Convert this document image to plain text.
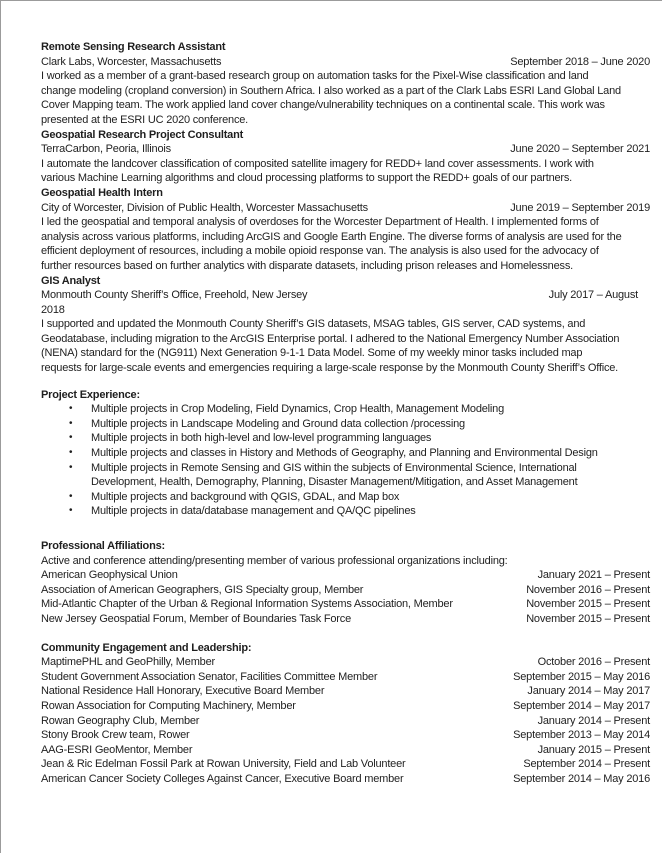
Remote Sensing Research Assistant
Clark Labs, Worcester, Massachusetts	September 2018 – June 2020
I worked as a member of a grant-based research group on automation tasks for the Pixel-Wise classification and land change modeling (cropland conversion) in Southern Africa. I also worked as a part of the Clark Labs ESRI Land Global Land Cover Mapping team. The work applied land cover change/vulnerability techniques on a continental scale. This work was presented at the ESRI UC 2020 conference.
Geospatial Research Project Consultant
TerraCarbon, Peoria, Illinois	June 2020 – September 2021
I automate the landcover classification of composited satellite imagery for REDD+ land cover assessments. I work with various Machine Learning algorithms and cloud processing platforms to support the REDD+ goals of our partners.
Geospatial Health Intern
City of Worcester, Division of Public Health, Worcester Massachusetts	June 2019 – September 2019
I led the geospatial and temporal analysis of overdoses for the Worcester Department of Health. I implemented forms of analysis across various platforms, including ArcGIS and Google Earth Engine. The diverse forms of analysis are used for the efficient deployment of resources, including a mobile opioid response van. The analysis is also used for the advocacy of further resources based on further analytics with disparate datasets, including prison releases and Homelessness.
GIS Analyst
Monmouth County Sheriff’s Office, Freehold, New Jersey	July 2017 – August
2018
I supported and updated the Monmouth County Sheriff’s GIS datasets, MSAG tables, GIS server, CAD systems, and Geodatabase, including migration to the ArcGIS Enterprise portal. I adhered to the National Emergency Number Association (NENA) standard for the (NG911) Next Generation 9-1-1 Data Model. Some of my weekly minor tasks included map requests for large-scale events and emergencies requiring a large-scale response by the Monmouth County Sheriff’s Office.
Project Experience:
•	Multiple projects in Crop Modeling, Field Dynamics, Crop Health, Management Modeling
•	Multiple projects in Landscape Modeling and Ground data collection /processing
•	Multiple projects in both high-level and low-level programming languages
•	Multiple projects and classes in History and Methods of Geography, and Planning and Environmental Design
•	Multiple projects in Remote Sensing and GIS within the subjects of Environmental Science, International Development, Health, Demography, Planning, Disaster Management/Mitigation, and Asset Management
•	Multiple projects and background with QGIS, GDAL, and Map box
•	Multiple projects in data/database management and QA/QC pipelines
Professional Affiliations:
Active and conference attending/presenting member of various professional organizations including:
American Geophysical Union	January 2021 – Present
Association of American Geographers, GIS Specialty group, Member	November 2016 – Present
Mid-Atlantic Chapter of the Urban & Regional Information Systems Association, Member	November 2015 – Present
New Jersey Geospatial Forum, Member of Boundaries Task Force	November 2015 – Present
Community Engagement and Leadership:
MaptimePHL and GeoPhilly, Member	October 2016 – Present
Student Government Association Senator, Facilities Committee Member	September 2015 – May 2016
National Residence Hall Honorary, Executive Board Member	January 2014 – May 2017
Rowan Association for Computing Machinery, Member	September 2014 – May 2017
Rowan Geography Club, Member	January 2014 – Present
Stony Brook Crew team, Rower	September 2013 – May 2014
AAG-ESRI GeoMentor, Member	January 2015 – Present
Jean & Ric Edelman Fossil Park at Rowan University, Field and Lab Volunteer	September 2014 – Present
American Cancer Society Colleges Against Cancer, Executive Board member	September 2014 – May 2016
